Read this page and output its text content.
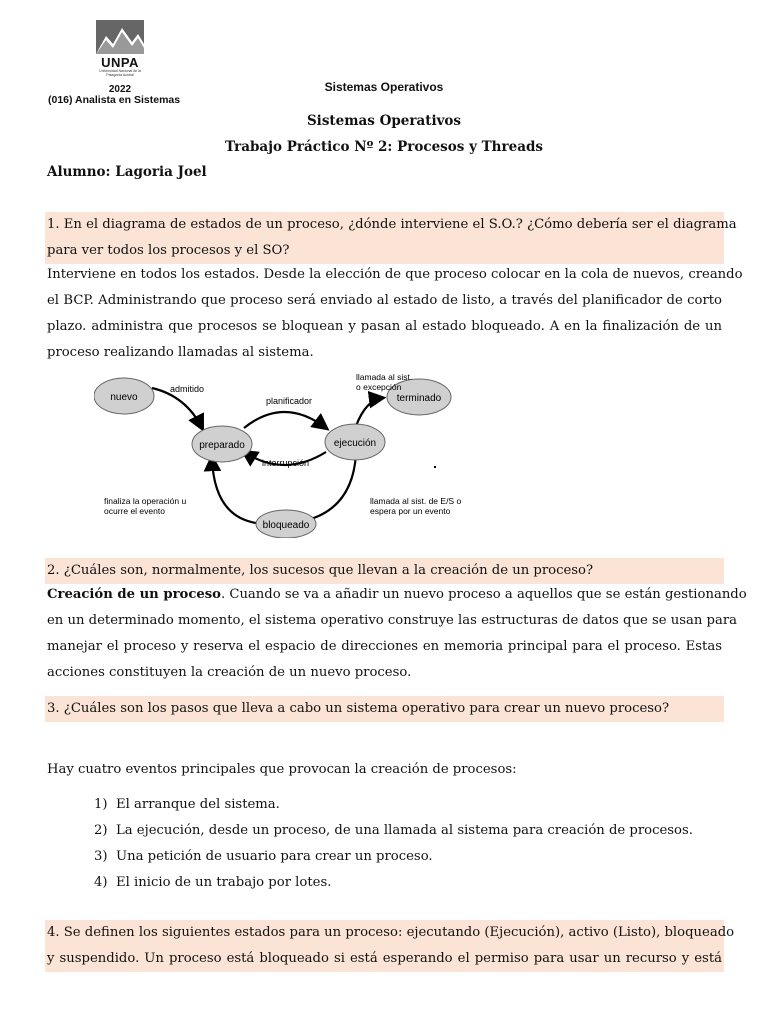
UNPA
Universidad Nacional de la Patagonia Austral
2022
(016) Analista en Sistemas
Sistemas Operativos
Sistemas Operativos
Trabajo Práctico Nº 2: Procesos y Threads
Alumno: Lagoria Joel
1. En el diagrama de estados de un proceso, ¿dónde interviene el S.O.? ¿Cómo debería ser el diagrama
para ver todos los procesos y el SO?
Interviene en todos los estados. Desde la elección de que proceso colocar en la cola de nuevos, creando
el BCP. Administrando que proceso será enviado al estado de listo, a través del planificador de corto
plazo. administra que procesos se bloquean y pasan al estado bloqueado. A en la finalización de un
proceso realizando llamadas al sistema.
nuevo
preparado	ejecución
terminado
bloqueado
admitido
planificador
interrupción
llamada al sist.
o excepción
finaliza la operación u
ocurre el evento
llamada al sist. de E/S o
espera por un evento
2. ¿Cuáles son, normalmente, los sucesos que llevan a la creación de un proceso?
Creación de un proceso. Cuando se va a añadir un nuevo proceso a aquellos que se están gestionando
en un determinado momento, el sistema operativo construye las estructuras de datos que se usan para
manejar el proceso y reserva el espacio de direcciones en memoria principal para el proceso. Estas
acciones constituyen la creación de un nuevo proceso.
3. ¿Cuáles son los pasos que lleva a cabo un sistema operativo para crear un nuevo proceso?
Hay cuatro eventos principales que provocan la creación de procesos:
1) El arranque del sistema.
2) La ejecución, desde un proceso, de una llamada al sistema para creación de procesos.
3) Una petición de usuario para crear un proceso.
4) El inicio de un trabajo por lotes.
4. Se definen los siguientes estados para un proceso: ejecutando (Ejecución), activo (Listo), bloqueado
y suspendido. Un proceso está bloqueado si está esperando el permiso para usar un recurso y está
